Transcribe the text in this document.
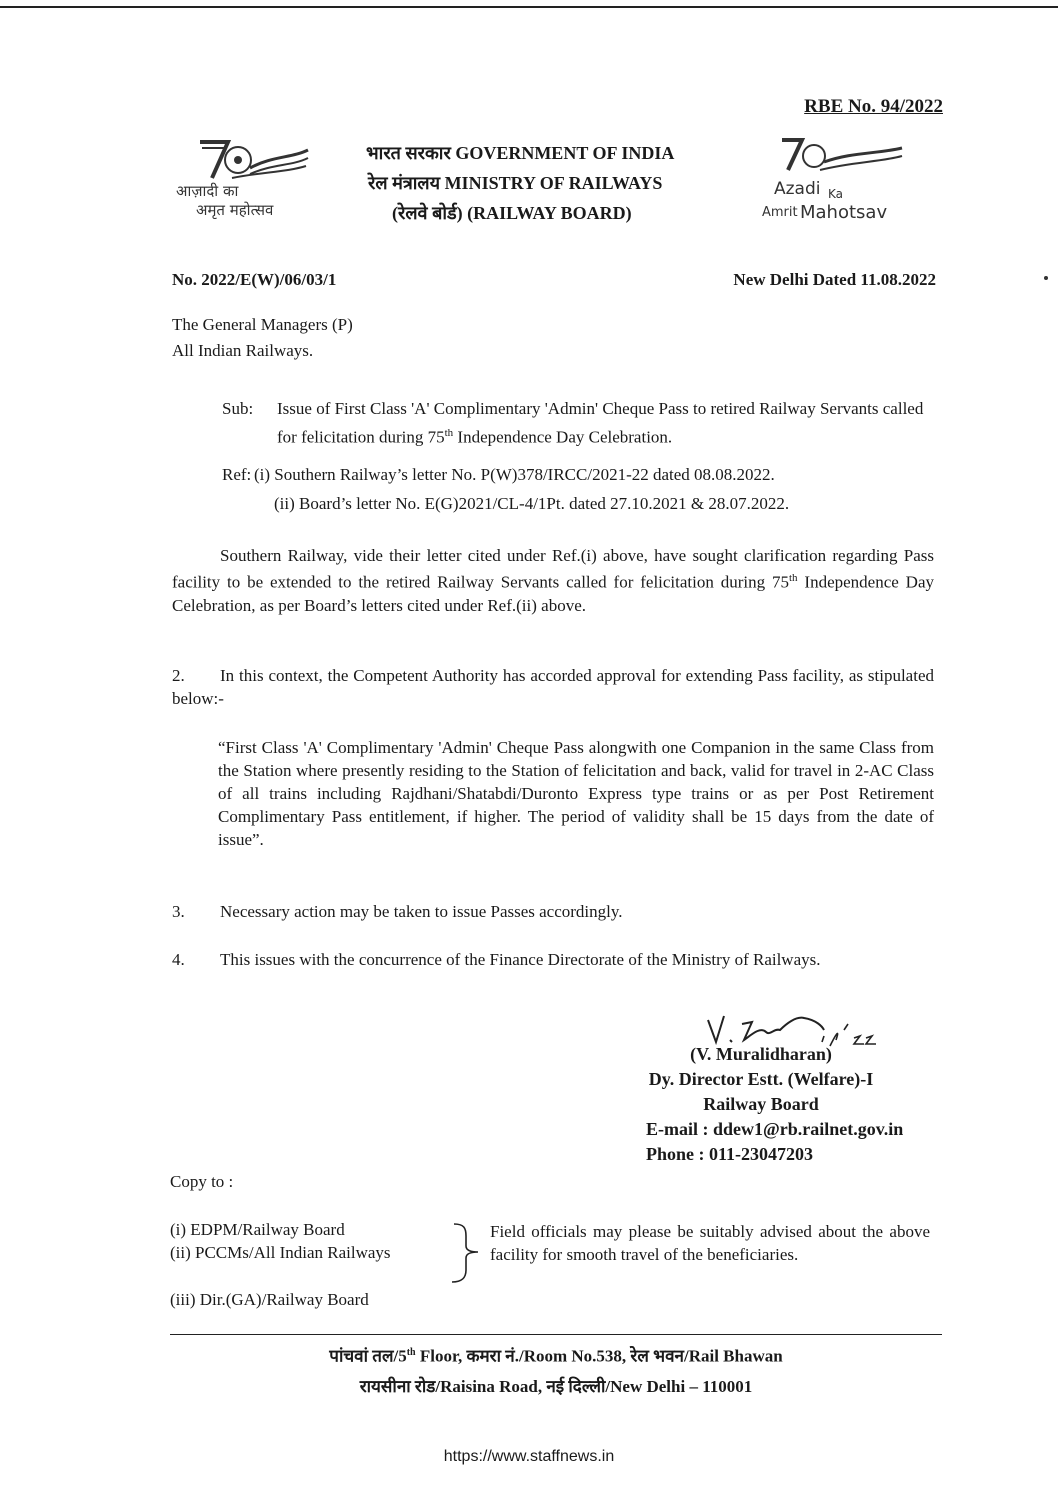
RBE No. 94/2022
आज़ादी का
अमृत महोत्सव
भारत सरकार GOVERNMENT OF INDIA
रेल मंत्रालय MINISTRY OF RAILWAYS
(रेलवे बोर्ड) (RAILWAY BOARD)
Azadi Ka
Amrit Mahotsav
No. 2022/E(W)/06/03/1	New Delhi Dated 11.08.2022
The General Managers (P)
All Indian Railways.
Sub: Issue of First Class 'A' Complimentary 'Admin' Cheque Pass to retired Railway Servants called for felicitation during 75th Independence Day Celebration.
Ref: (i) Southern Railway’s letter No. P(W)378/IRCC/2021-22 dated 08.08.2022.
(ii) Board’s letter No. E(G)2021/CL-4/1Pt. dated 27.10.2021 & 28.07.2022.
Southern Railway, vide their letter cited under Ref.(i) above, have sought clarification regarding Pass facility to be extended to the retired Railway Servants called for felicitation during 75th Independence Day Celebration, as per Board’s letters cited under Ref.(ii) above.
2. In this context, the Competent Authority has accorded approval for extending Pass facility, as stipulated below:-
“First Class 'A' Complimentary 'Admin' Cheque Pass alongwith one Companion in the same Class from the Station where presently residing to the Station of felicitation and back, valid for travel in 2-AC Class of all trains including Rajdhani/Shatabdi/Duronto Express type trains or as per Post Retirement Complimentary Pass entitlement, if higher. The period of validity shall be 15 days from the date of issue”.
3. Necessary action may be taken to issue Passes accordingly.
4. This issues with the concurrence of the Finance Directorate of the Ministry of Railways.
(V. Muralidharan)
Dy. Director Estt. (Welfare)-I
Railway Board
E-mail : ddew1@rb.railnet.gov.in
Phone : 011-23047203
Copy to :
(i) EDPM/Railway Board
(ii) PCCMs/All Indian Railways
Field officials may please be suitably advised about the above facility for smooth travel of the beneficiaries.
(iii) Dir.(GA)/Railway Board
पांचवां तल/5th Floor, कमरा नं./Room No.538, रेल भवन/Rail Bhawan
रायसीना रोड/Raisina Road, नई दिल्ली/New Delhi – 110001
https://www.staffnews.in
